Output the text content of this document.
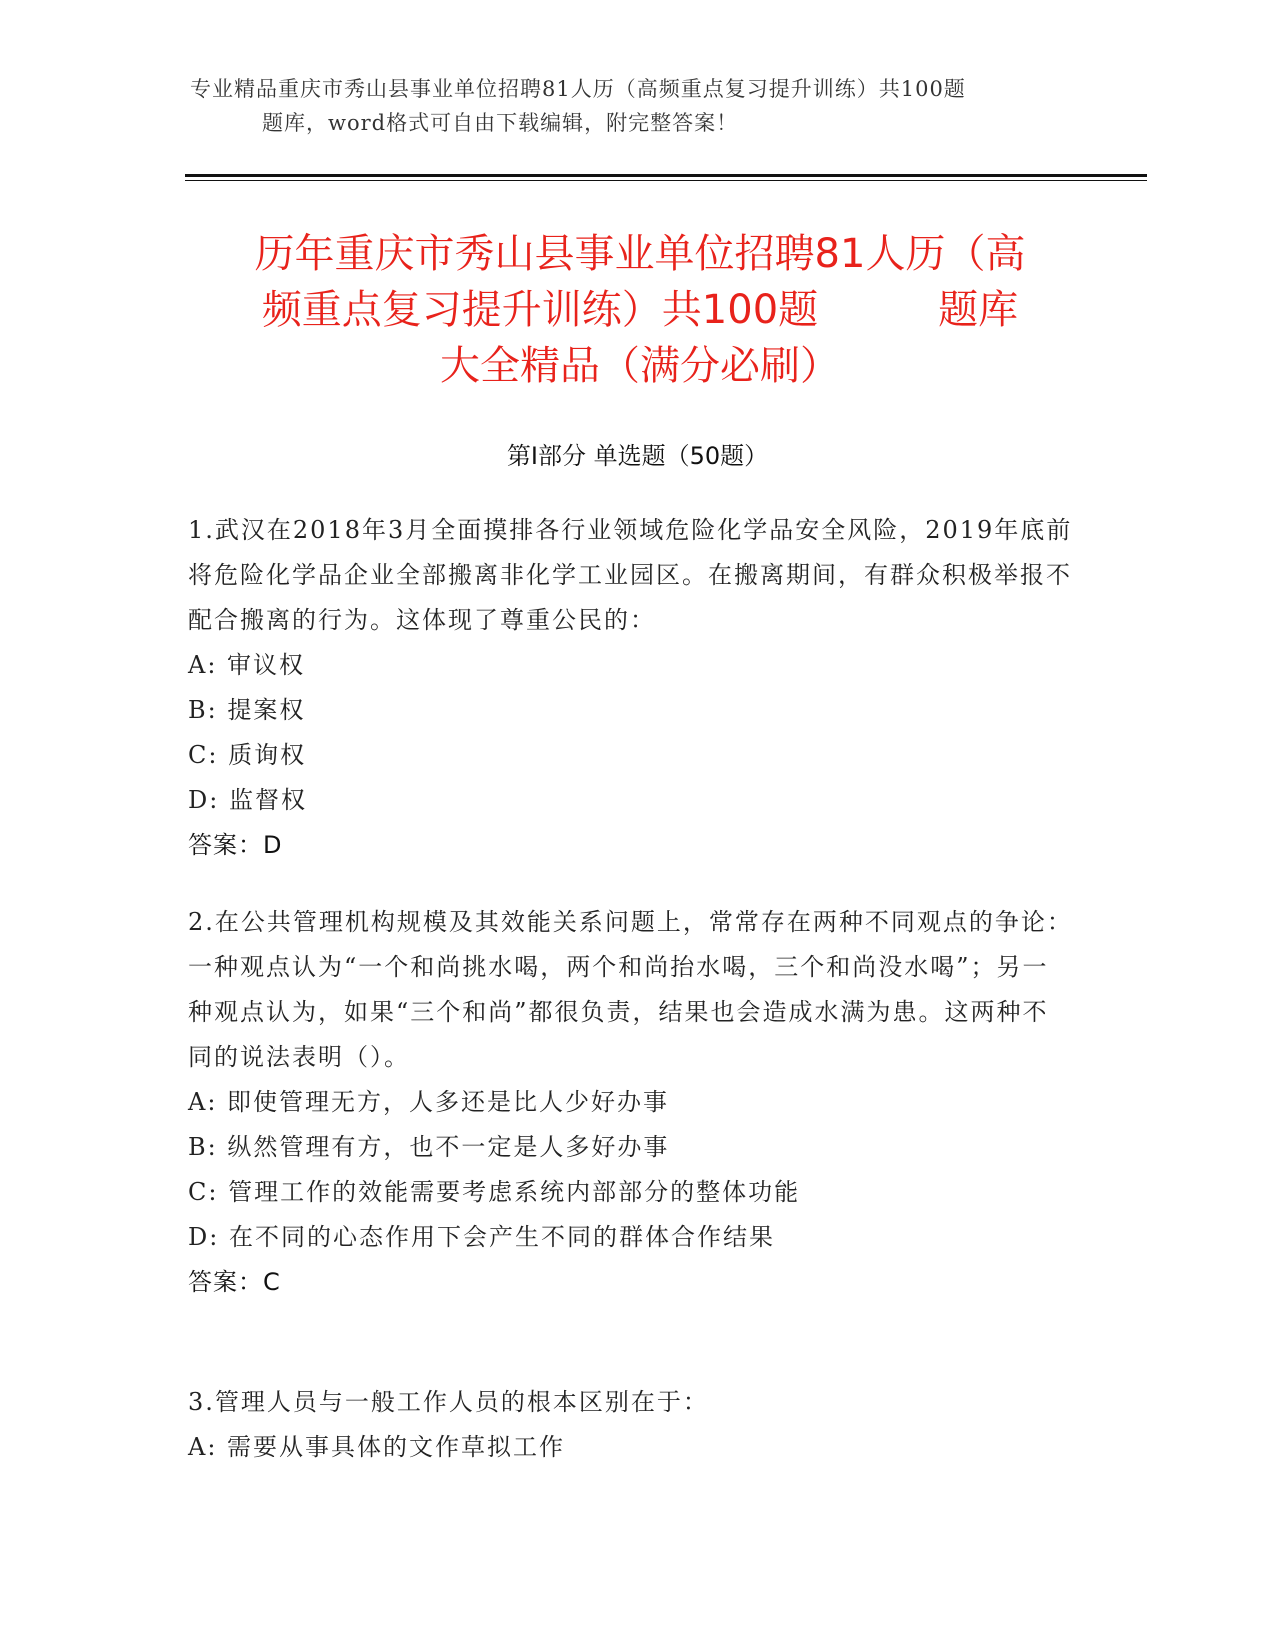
专业精品重庆市秀山县事业单位招聘81人历（高频重点复习提升训练）共100题
题库，word格式可自由下载编辑，附完整答案！
历年重庆市秀山县事业单位招聘81人历（高
频重点复习提升训练）共100题　　　题库
大全精品（满分必刷）
第Ⅰ部分 单选题（50题）
1.武汉在2018年3月全面摸排各行业领域危险化学品安全风险，2019年底前将危险化学品企业全部搬离非化学工业园区。在搬离期间，有群众积极举报不配合搬离的行为。这体现了尊重公民的：
A: 审议权
B: 提案权
C: 质询权
D: 监督权
答案：D
2.在公共管理机构规模及其效能关系问题上，常常存在两种不同观点的争论：一种观点认为“一个和尚挑水喝，两个和尚抬水喝，三个和尚没水喝”；另一种观点认为，如果“三个和尚”都很负责，结果也会造成水满为患。这两种不同的说法表明（）。
A: 即使管理无方，人多还是比人少好办事
B: 纵然管理有方，也不一定是人多好办事
C: 管理工作的效能需要考虑系统内部部分的整体功能
D: 在不同的心态作用下会产生不同的群体合作结果
答案：C
3.管理人员与一般工作人员的根本区别在于：
A: 需要从事具体的文作草拟工作
